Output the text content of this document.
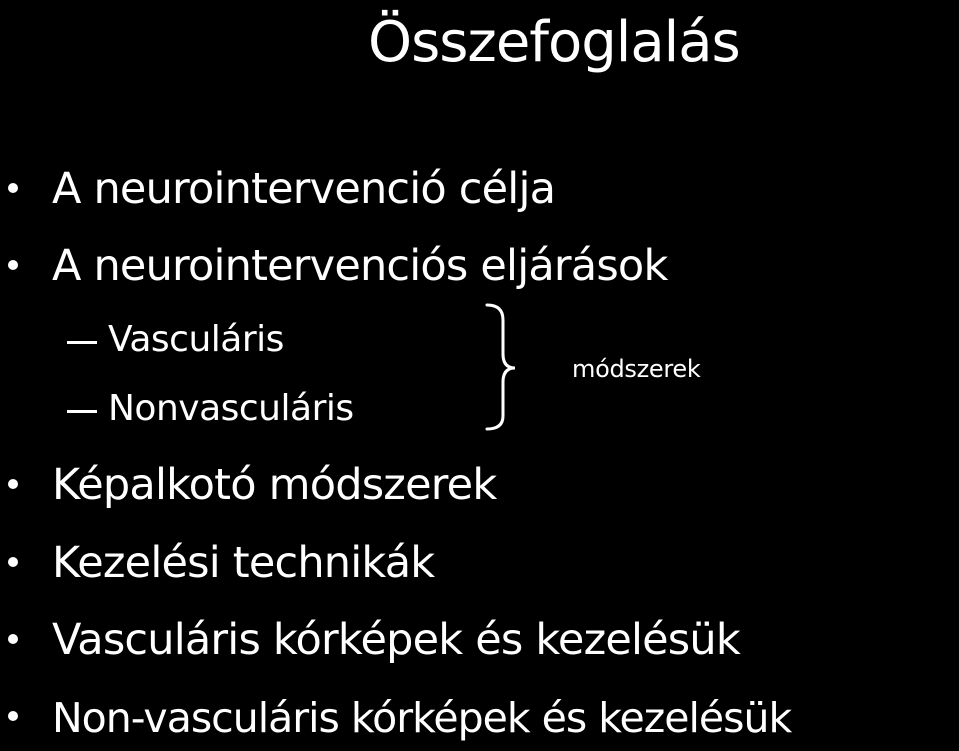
Összefoglalás
A neurointervenció célja
A neurointervenciós eljárások
Vasculáris
Nonvasculáris
módszerek
Képalkotó módszerek
Kezelési technikák
Vasculáris kórképek és kezelésük
Non-vasculáris kórképek és kezelésük
